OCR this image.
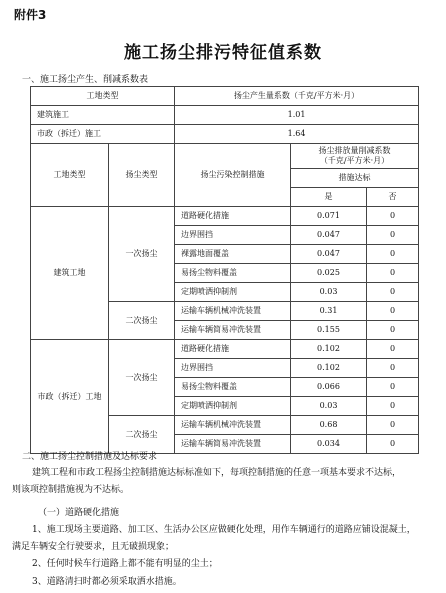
附件3
施工扬尘排污特征值系数
一、施工扬尘产生、削减系数表
工地类型		扬尘产生量系数（千克/平方米·月）		
建筑施工		1.01		
市政（拆迁）施工		1.64		
工地类型	扬尘类型	扬尘污染控制措施	扬尘排放量削减系数
（千克/平方米·月）	

			措施达标	
			是	否
建筑工地	一次扬尘	道路硬化措施	0.071	0
		边界围挡	0.047	0
		裸露地面覆盖	0.047	0
		易扬尘物料覆盖	0.025	0
		定期喷洒抑制剂	0.03	0
	二次扬尘	运输车辆机械冲洗装置	0.31	0
		运输车辆简易冲洗装置	0.155	0
市政（拆迁）工地	一次扬尘	道路硬化措施	0.102	0
		边界围挡	0.102	0
		易扬尘物料覆盖	0.066	0
		定期喷洒抑制剂	0.03	0
	二次扬尘	运输车辆机械冲洗装置	0.68	0
		运输车辆简易冲洗装置	0.034	0
二、施工扬尘控制措施及达标要求
建筑工程和市政工程扬尘控制措施达标标准如下，每项控制措施的任意一项基本要求不达标，
则该项控制措施视为不达标。
（一）道路硬化措施
1、施工现场主要道路、加工区、生活办公区应做硬化处理，用作车辆通行的道路应铺设混凝土，
满足车辆安全行驶要求，且无破损现象；
2、任何时候车行道路上都不能有明显的尘土；
3、道路清扫时都必须采取洒水措施。
